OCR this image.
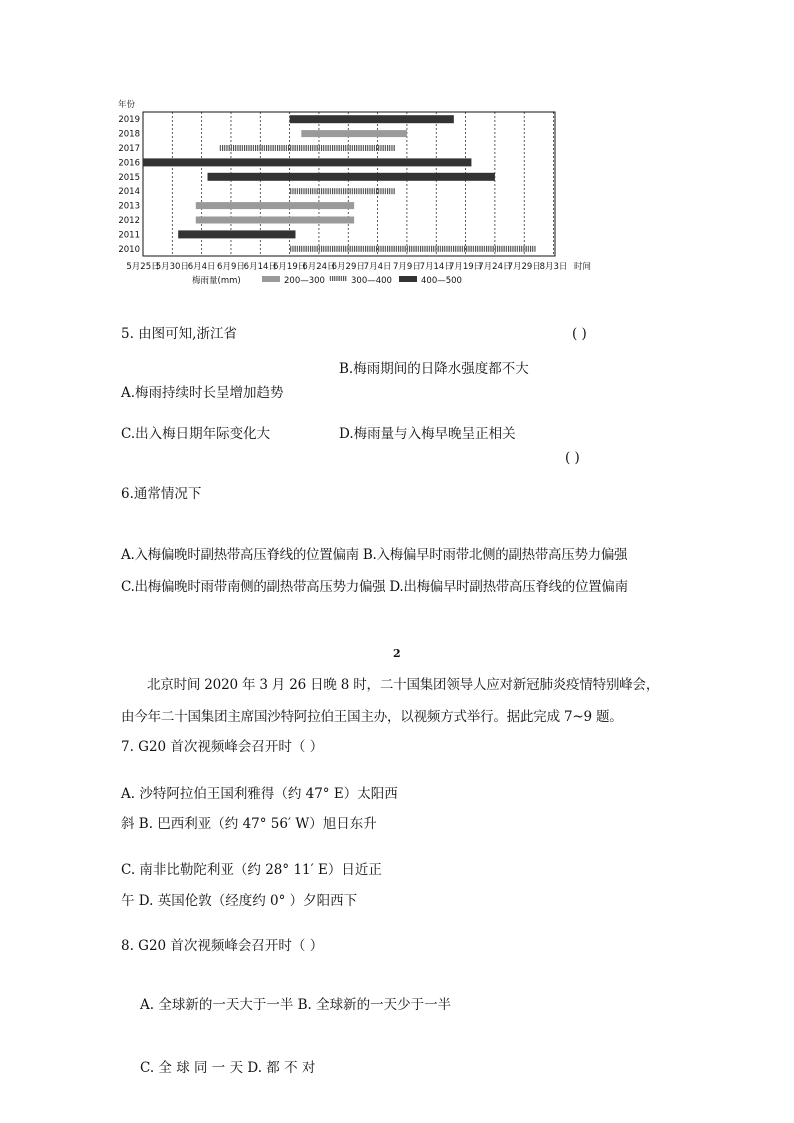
年份
2019
2018
2017
2016
2015
2014
2013
2012
2011
2010
5月25日
5月30日
6月4日 6月9日
6月14日
6月19日
6月24日
6月29日
7月4日 7月9日
7月14日
7月19日
7月24日
7月29日
8月3日 时间
梅雨量(mm)	200—300	300—400	400—500
5. 由图可知,浙江省	( )
B.梅雨期间的日降水强度都不大
A.梅雨持续时长呈增加趋势
C.出入梅日期年际变化大	D.梅雨量与入梅早晚呈正相关
( )
6.通常情况下
A.入梅偏晚时副热带高压脊线的位置偏南 B.入梅偏早时雨带北侧的副热带高压势力偏强
C.出梅偏晚时雨带南侧的副热带高压势力偏强 D.出梅偏早时副热带高压脊线的位置偏南
2
北京时间 2020 年 3 月 26 日晚 8 时，二十国集团领导人应对新冠肺炎疫情特别峰会，
由今年二十国集团主席国沙特阿拉伯王国主办，以视频方式举行。据此完成 7~9 题。
7. G20 首次视频峰会召开时（ ）
A. 沙特阿拉伯王国利雅得（约 47° E）太阳西
斜 B. 巴西利亚（约 47° 56′ W）旭日东升
C. 南非比勒陀利亚（约 28° 11′ E）日近正
午 D. 英国伦敦（经度约 0° ）夕阳西下
8. G20 首次视频峰会召开时（ ）
A. 全球新的一天大于一半 B. 全球新的一天少于一半
C. 全 球 同 一 天 D. 都 不 对
